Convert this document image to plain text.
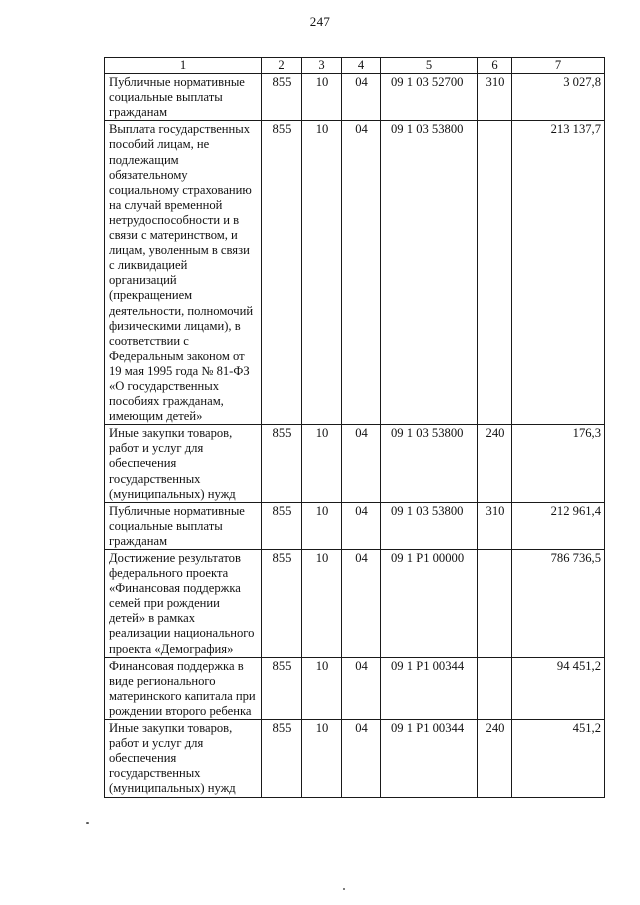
247
1	2	3	4	5	6	7
Публичные нормативные социальные выплаты гражданам	855	10	04	09 1 03 52700	310	3 027,8
Выплата государственных пособий лицам, не подлежащим обязательному социальному страхованию на случай временной нетрудоспособности и в связи с материнством, и лицам, уволенным в связи с ликвидацией организаций (прекращением деятельности, полномочий физическими лицами), в соответствии с Федеральным законом от 19 мая 1995 года № 81-ФЗ «О государственных пособиях гражданам, имеющим детей»	855	10	04	09 1 03 53800		213 137,7
Иные закупки товаров, работ и услуг для обеспечения государственных (муниципальных) нужд	855	10	04	09 1 03 53800	240	176,3
Публичные нормативные социальные выплаты гражданам	855	10	04	09 1 03 53800	310	212 961,4
Достижение результатов федерального проекта «Финансовая поддержка семей при рождении детей» в рамках реализации национального проекта «Демография»	855	10	04	09 1 P1 00000		786 736,5
Финансовая поддержка в виде регионального материнского капитала при рождении второго ребенка	855	10	04	09 1 P1 00344		94 451,2
Иные закупки товаров, работ и услуг для обеспечения государственных (муниципальных) нужд	855	10	04	09 1 P1 00344	240	451,2
